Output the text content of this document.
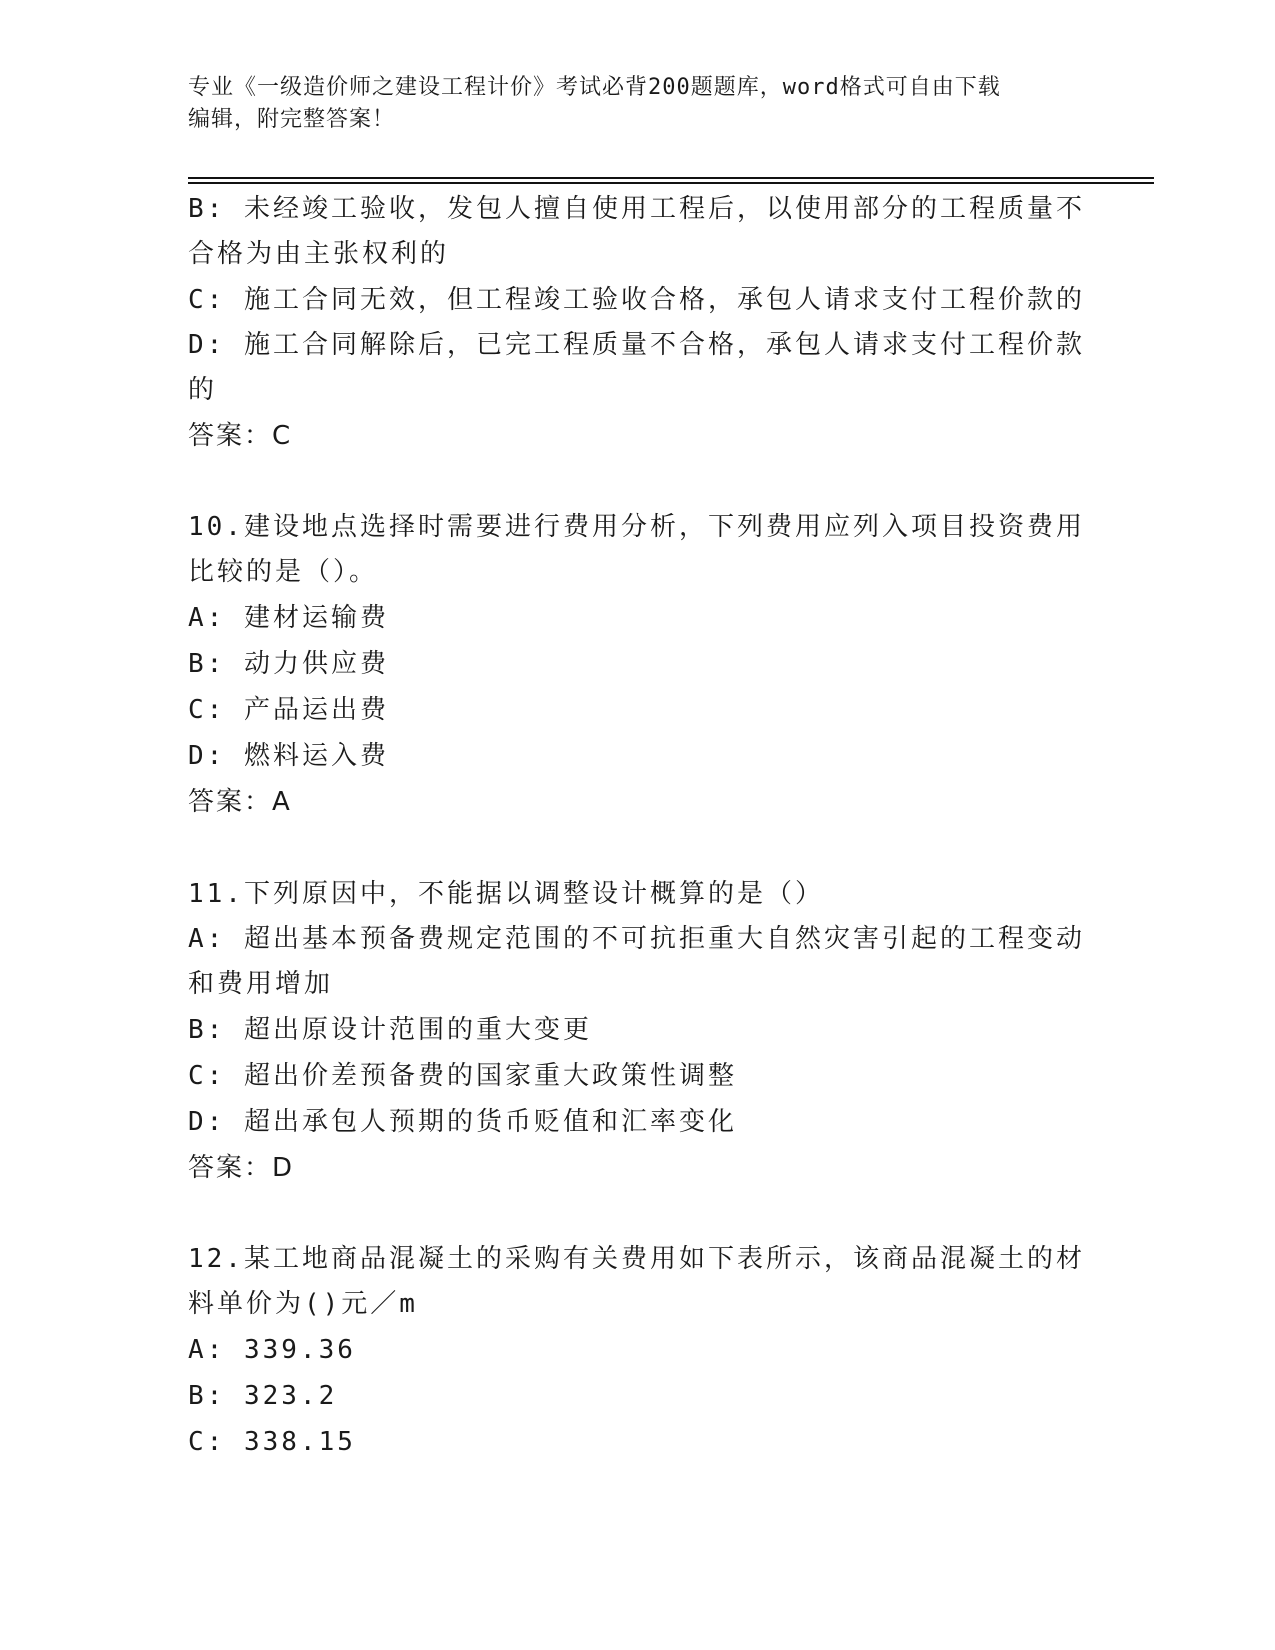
专业《一级造价师之建设工程计价》考试必背200题题库，word格式可自由下载
编辑，附完整答案！
B: 未经竣工验收，发包人擅自使用工程后，以使用部分的工程质量不
合格为由主张权利的
C: 施工合同无效，但工程竣工验收合格，承包人请求支付工程价款的
D: 施工合同解除后，已完工程质量不合格，承包人请求支付工程价款
的
答案：C
10.建设地点选择时需要进行费用分析，下列费用应列入项目投资费用
比较的是（）。
A: 建材运输费
B: 动力供应费
C: 产品运出费
D: 燃料运入费
答案：A
11.下列原因中，不能据以调整设计概算的是（）
A: 超出基本预备费规定范围的不可抗拒重大自然灾害引起的工程变动
和费用增加
B: 超出原设计范围的重大变更
C: 超出价差预备费的国家重大政策性调整
D: 超出承包人预期的货币贬值和汇率变化
答案：D
12.某工地商品混凝土的采购有关费用如下表所示，该商品混凝土的材
料单价为()元／m
A: 339.36
B: 323.2
C: 338.15
